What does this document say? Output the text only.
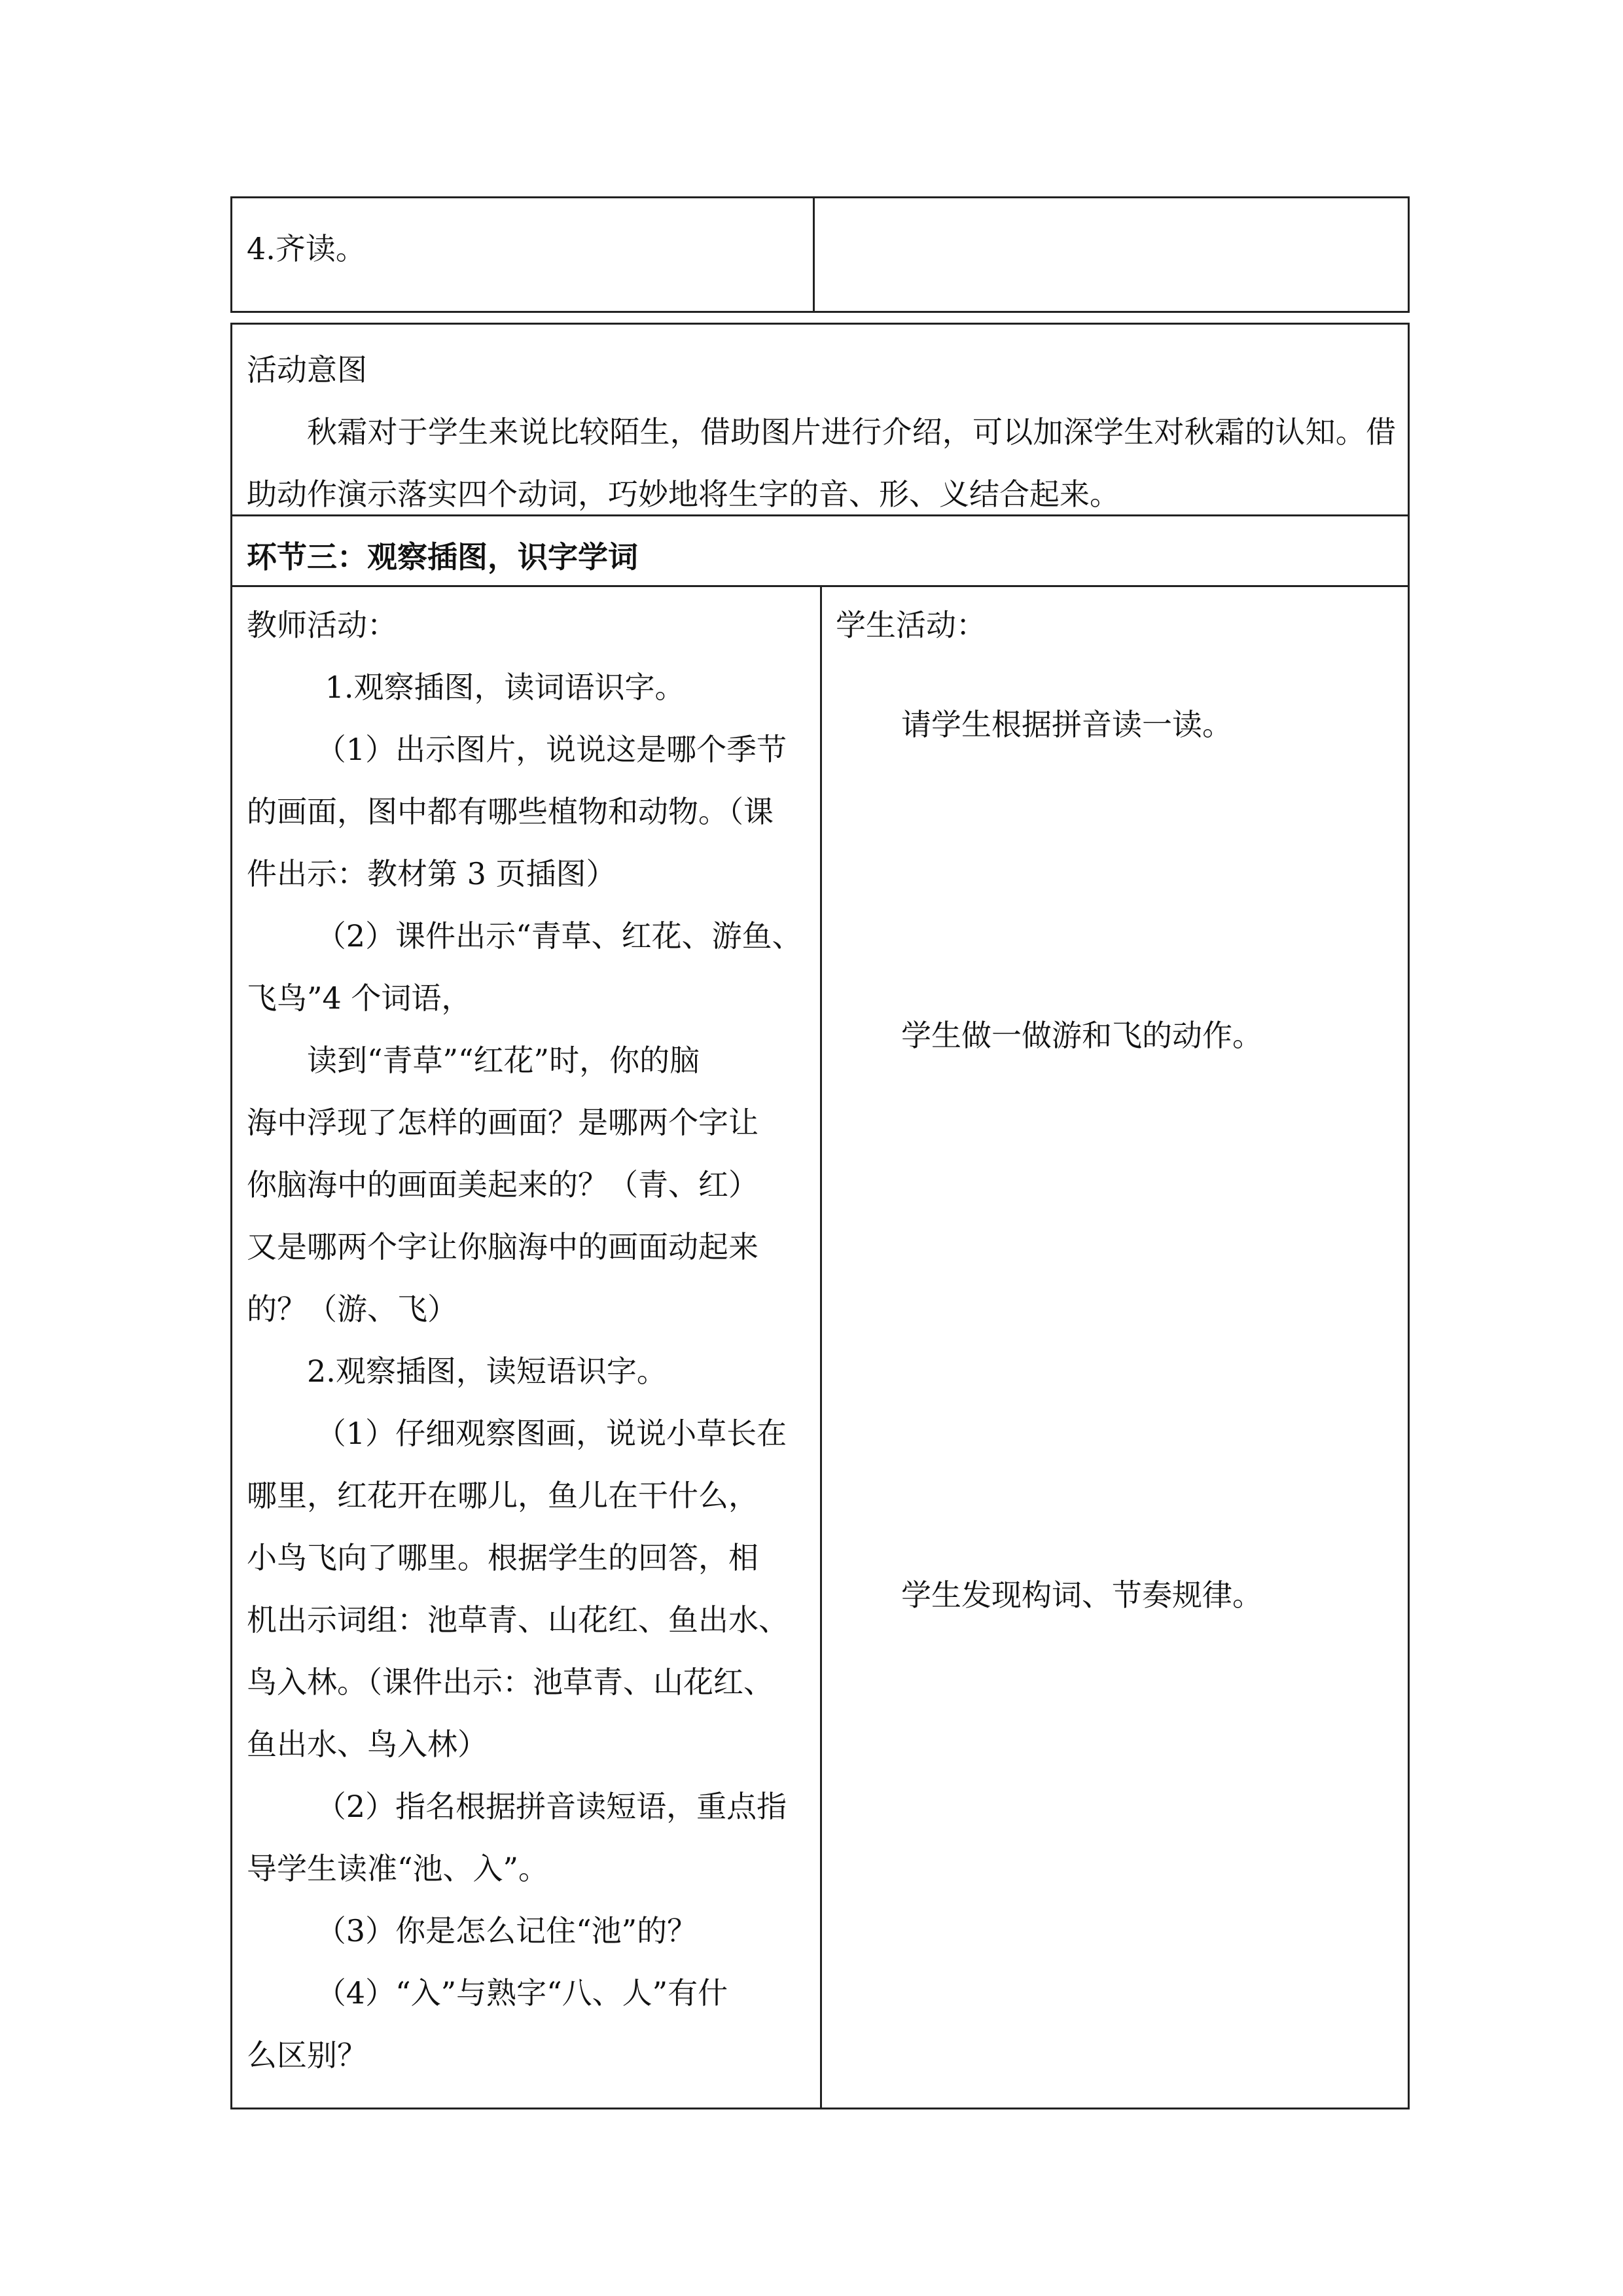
4.齐读。

活动意图

秋霜对于学生来说比较陌生，借助图片进行介绍，可以加深学生对秋霜的认知。借助动作演示落实四个动词，巧妙地将生字的音、形、义结合起来。

环节三：观察插图，识字学词

教师活动：

1.观察插图，读词语识字。

（1）出示图片，说说这是哪个季节

的画面，图中都有哪些植物和动物。（课

件出示：教材第 3 页插图）

（2）课件出示“青草、红花、游鱼、

飞鸟”4 个词语，

读到“青草”“红花”时，你的脑

海中浮现了怎样的画面？是哪两个字让

你脑海中的画面美起来的？（青、红）

又是哪两个字让你脑海中的画面动起来

的？（游、飞）

2.观察插图，读短语识字。

（1）仔细观察图画，说说小草长在

哪里，红花开在哪儿，鱼儿在干什么，

小鸟飞向了哪里。根据学生的回答，相

机出示词组：池草青、山花红、鱼出水、

鸟入林。（课件出示：池草青、山花红、

鱼出水、鸟入林）

（2）指名根据拼音读短语，重点指

导学生读准“池、入”。

（3）你是怎么记住“池”的？

（4）“入”与熟字“八、人”有什

么区别？

学生活动：

请学生根据拼音读一读。

学生做一做游和飞的动作。

学生发现构词、节奏规律。
